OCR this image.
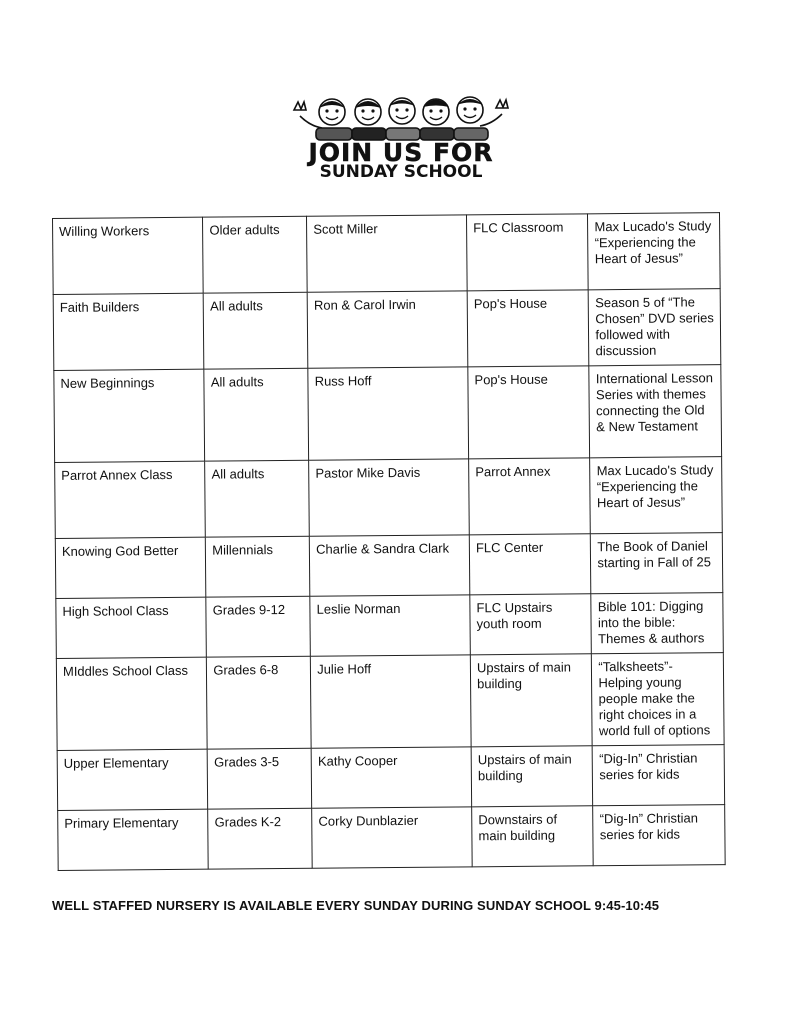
JOIN US FOR
SUNDAY SCHOOL
Willing Workers	Older adults	Scott Miller	FLC Classroom	Max Lucado's Study “Experiencing the Heart of Jesus”
Faith Builders	All adults	Ron & Carol Irwin	Pop's House	Season 5 of “The Chosen” DVD series followed with discussion
New Beginnings	All adults	Russ Hoff	Pop's House	International Lesson Series with themes connecting the Old & New Testament
Parrot Annex Class	All adults	Pastor Mike Davis	Parrot Annex	Max Lucado's Study “Experiencing the Heart of Jesus”
Knowing God Better	Millennials	Charlie & Sandra Clark	FLC Center	The Book of Daniel starting in Fall of 25
High School Class	Grades 9-12	Leslie Norman	FLC Upstairs youth room	Bible 101: Digging into the bible: Themes & authors
MIddles School Class	Grades 6-8	Julie Hoff	Upstairs of main building	“Talksheets”- Helping young people make the right choices in a world full of options
Upper Elementary	Grades 3-5	Kathy Cooper	Upstairs of main building	“Dig-In” Christian series for kids
Primary Elementary	Grades K-2	Corky Dunblazier	Downstairs of main building	“Dig-In” Christian series for kids
WELL STAFFED NURSERY IS AVAILABLE EVERY SUNDAY DURING SUNDAY SCHOOL 9:45-10:45
